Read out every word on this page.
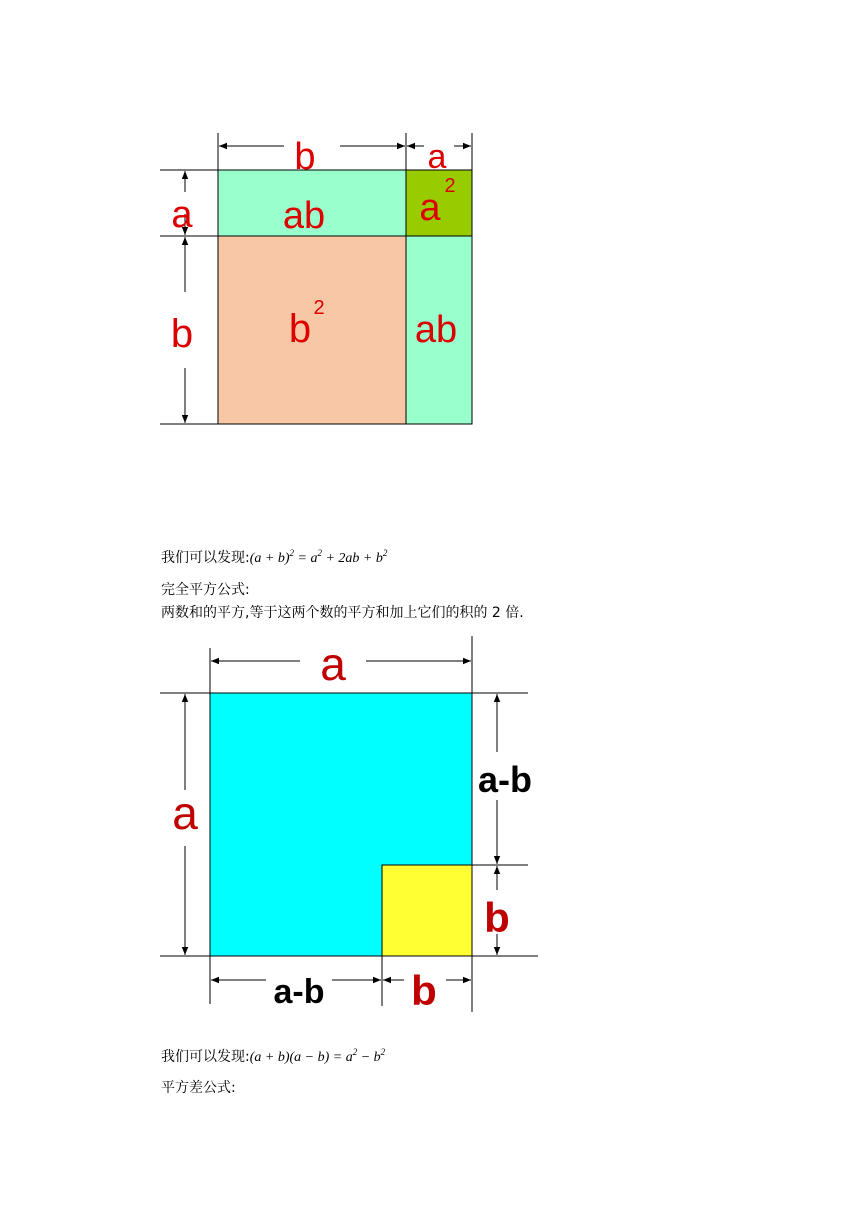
b	a
a
b
ab a
2
b 2
ab
a
a
a-b
b
a-b b
我们可以发现:(a + $b)^2 = a^2 + 2ab + b^2$
完全平方公式:
两数和的平方,等于这两个数的平方和加上它们的积的 2 倍.
我们可以发现:(a + $b)(a - b) = a^2 - b^2$
平方差公式:
